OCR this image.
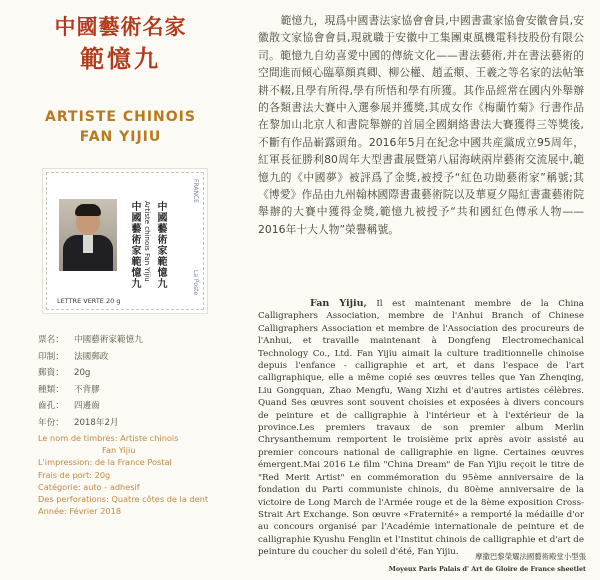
中國藝術名家
範憶九
ARTISTE CHINOIS
FAN YIJIU
中國藝術家範憶九 Artiste chinois Fan Yijiu 中國藝術家範憶九
FRANCE
La Poste
LETTRE VERTE 20 g
票名： 中國藝術家範憶九
印制： 法國郵政
郵資： 20g
種類： 不背膠
齒孔： 四邊齒
年份： 2018年2月
Le nom de timbres: Artiste chinois
Fan Yijiu
L'impression: de la France Postal
Frais de port: 20g
Catégorie: auto - adhesif
Des perforations: Quatre côtes de la dent
Année: Février 2018
範憶九，現爲中國書法家協會會員,中國書畫家協會安徽會員,安徽散文家協會會員,現就職于安徽中工集團東風機電科技股份有限公司。範憶九自幼喜愛中國的傳統文化——書法藝術,并在書法藝術的空間進而傾心臨摹顔真卿、柳公權、趙孟頫、王羲之等名家的法帖筆耕不輟,且學有所得,學有所悟和學有所獲。其作品經常在國内外舉辦的各類書法大賽中入選參展并獲獎,其成女作《梅蘭竹菊》行書作品在黎加山北京人和書院舉辦的首屆全國網絡書法大賽獲得三等獎後,不斷有作品嶄露頭角。2016年5月在紀念中國共産黨成立95周年，紅軍長征勝利80周年大型書畫展暨第八届海峽兩岸藝術交流展中,範憶九的《中國夢》被評爲了金獎,被授予“紅色功勛藝術家”稱號;其《博愛》作品由九州翰林國際書畫藝術院以及華夏夕陽紅書畫藝術院舉辦的大賽中獲得金獎,範憶九被授予“共和國紅色傳承人物——2016年十大人物”榮譽稱號。
Fan Yijiu, Il est maintenant membre de la China Calligraphers Association, membre de l'Anhui Branch of Chinese Calligraphers Association et membre de l'Association des procureurs de l'Anhui, et travaille maintenant à Dongfeng Electromechanical Technology Co., Ltd. Fan Yijiu aimait la culture traditionnelle chinoise depuis l'enfance - calligraphie et art, et dans l'espace de l'art calligraphique, elle a même copié ses œuvres telles que Yan Zhenqing, Liu Gongquan, Zhao Mengfu, Wang Xizhi et d'autres artistes célèbres. Quand Ses œuvres sont souvent choisies et exposées à divers concours de peinture et de calligraphie à l'intérieur et à l'extérieur de la province.Les premiers travaux de son premier album Merlin Chrysanthemum remportent le troisième prix après avoir assisté au premier concours national de calligraphie en ligne. Certaines œuvres émergent.Mai 2016 Le film "China Dream" de Fan Yijiu reçoit le titre de "Red Merit Artist" en commémoration du 95ème anniversaire de la fondation du Parti communiste chinois, du 80ème anniversaire de la victoire de Long March de l'Armée rouge et de la 8ème exposition Cross-Strait Art Exchange. Son œuvre «Fraternité» a remporté la médaille d'or au concours organisé par l'Académie internationale de peinture et de calligraphie Kyushu Fenglin et l'Institut chinois de calligraphie et d'art de peinture du coucher du soleil d'été, Fan Yijiu.	摩撒巴黎榮耀法國藝術殿堂小型張
Moyeux Paris Palais d' Art de Gloire de France sheetlet
